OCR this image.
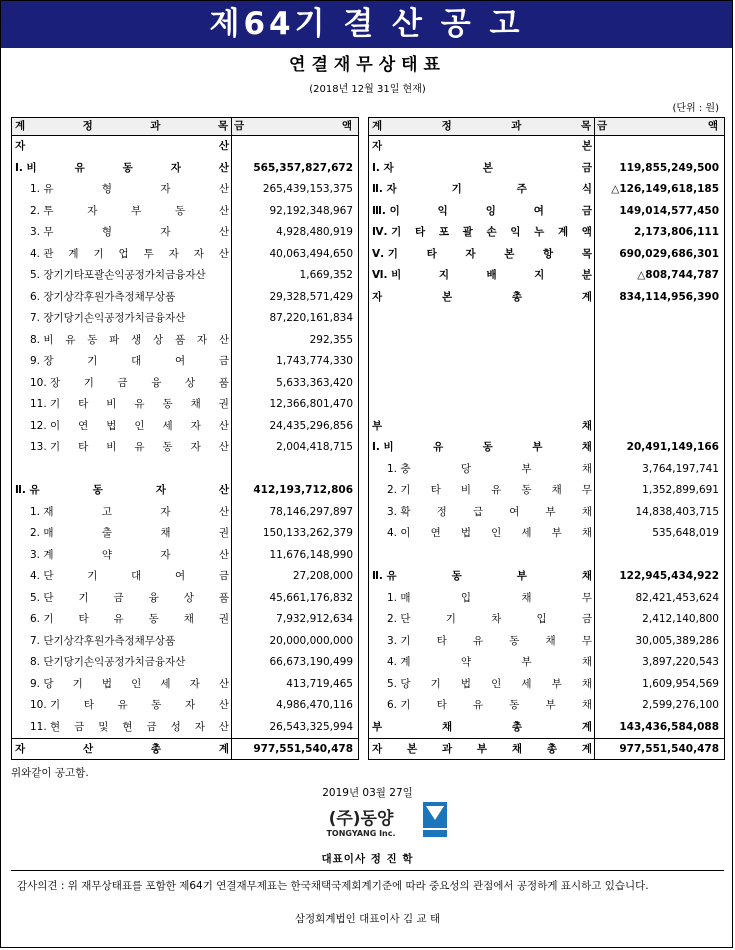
제64기 결 산 공 고
연결재무상태표
(2018년 12월 31일 현재)
(단위 : 원)
계	정	과	목 금	액
자	산
Ⅰ. 비	유	동	자	산	565,357,827,672
1. 유	형	자	산	265,439,153,375
2. 투	자	부	동	산	92,192,348,967
3. 무	형	자	산	4,928,480,919
4. 관 계 기 업 투 자 자 산	40,063,494,650
5. 장기기타포괄손익공정가치금융자산	1,669,352
6. 장기상각후원가측정채무상품	29,328,571,429
7. 장기당기손익공정가치금융자산	87,220,161,834
8. 비 유 동 파 생 상 품 자 산	292,355
9. 장	기	대	여	금	1,743,774,330
10. 장 기 금 융 상 품	5,633,363,420
11. 기 타 비 유 동 채 권	12,366,801,470
12. 이 연 법 인 세 자 산	24,435,296,856
13. 기 타 비 유 동 자 산	2,004,418,715
Ⅱ. 유	동	자	산	412,193,712,806
1. 재	고	자	산	78,146,297,897
2. 매	출	채	권	150,133,262,379
3. 계	약	자	산	11,676,148,990
4. 단	기	대	여	금	27,208,000
5. 단 기 금 융 상 품	45,661,176,832
6. 기 타 유 동 채 권	7,932,912,634
7. 단기상각후원가측정채무상품	20,000,000,000
8. 단기당기손익공정가치금융자산	66,673,190,499
9. 당 기 법 인 세 자 산	413,719,465
10. 기 타 유 동 자 산	4,986,470,116
11. 현 금 및 현 금 성 자 산	26,543,325,994
자	산	총	계	977,551,540,478
계	정	과	목 금	액
자	본
Ⅰ. 자	본	금	119,855,249,500
Ⅱ. 자	기	주	식	△126,149,618,185
Ⅲ. 이	익	잉	여	금	149,014,577,450
Ⅳ. 기 타 포 괄 손 익 누 계 액	2,173,806,111
Ⅴ. 기	타	자	본	항	목	690,029,686,301
Ⅵ. 비	지	배	지	분	△808,744,787
자	본	총	계	834,114,956,390
부	채
Ⅰ. 비	유	동	부	채	20,491,149,166
1. 충	당	부	채	3,764,197,741
2. 기 타 비 유 동 채 무	1,352,899,691
3. 확 정 급 여 부 채	14,838,403,715
4. 이 연 법 인 세 부 채	535,648,019
Ⅱ. 유	동	부	채	122,945,434,922
1. 매	입	채	무	82,421,453,624
2. 단	기	차	입	금	2,412,140,800
3. 기 타 유 동 채 무	30,005,389,286
4. 계	약	부	채	3,897,220,543
5. 당 기 법 인 세 부 채	1,609,954,569
6. 기 타 유 동 부 채	2,599,276,100
부	채	총	계	143,436,584,088
자 본 과 부 채 총 계	977,551,540,478
위와같이 공고함.
2019년 03월 27일
(주)동양
TONGYANG Inc.
대표이사 정 진 학
감사의견 : 위 재무상태표를 포함한 제64기 연결재무제표는 한국채택국제회계기준에 따라 중요성의 관점에서 공정하게 표시하고 있습니다.
삼정회계법인 대표이사 김 교 태
